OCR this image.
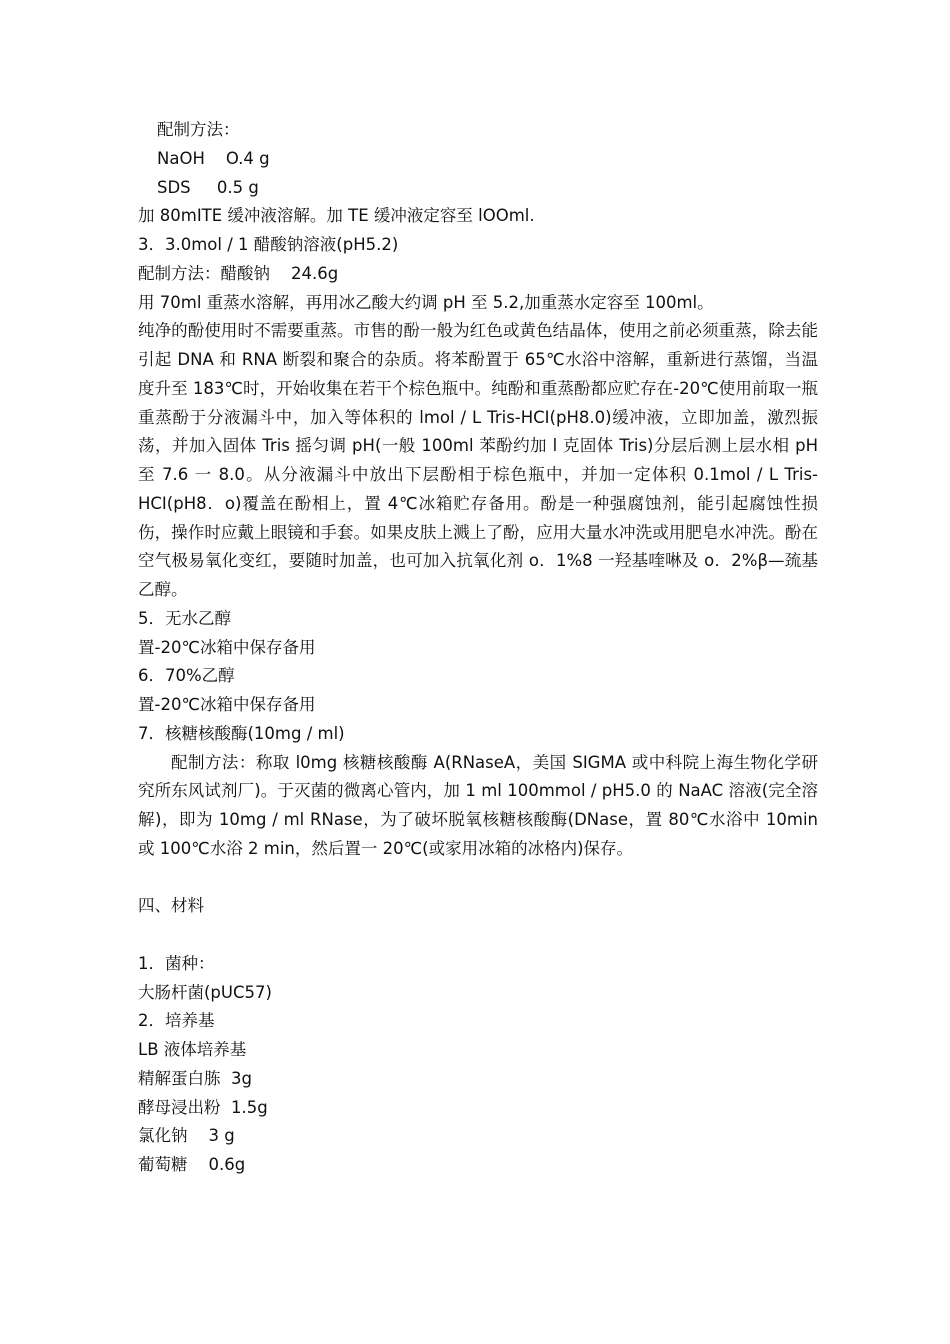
配制方法：

NaOH    O.4 g

SDS     0.5 g

加 80mITE 缓冲液溶解。加 TE 缓冲液定容至 lOOml.

3．3.0mol / 1 醋酸钠溶液(pH5.2)

配制方法：醋酸钠    24.6g

用 70ml 重蒸水溶解，再用冰乙酸大约调 pH 至 5.2,加重蒸水定容至 100ml。

纯净的酚使用时不需要重蒸。市售的酚一般为红色或黄色结晶体，使用之前必须重蒸，除去能引起 DNA 和 RNA 断裂和聚合的杂质。将苯酚置于 65℃水浴中溶解，重新进行蒸馏，当温度升至 183℃时，开始收集在若干个棕色瓶中。纯酚和重蒸酚都应贮存在-20℃使用前取一瓶重蒸酚于分液漏斗中，加入等体积的 lmol / L Tris-HCI(pH8.0)缓冲液，立即加盖，激烈振荡，并加入固体 Tris 摇匀调 pH(一般 100ml 苯酚约加 l 克固体 Tris)分层后测上层水相 pH 至 7.6 一 8.0。从分液漏斗中放出下层酚相于棕色瓶中，并加一定体积 0.1mol / L Tris-HCI(pH8．o)覆盖在酚相上，置 4℃冰箱贮存备用。酚是一种强腐蚀剂，能引起腐蚀性损伤，操作时应戴上眼镜和手套。如果皮肤上溅上了酚，应用大量水冲洗或用肥皂水冲洗。酚在空气极易氧化变红，要随时加盖，也可加入抗氧化剂 o．1%8 一羟基喹啉及 o．2%β—巯基乙醇。

5．无水乙醇

置-20℃冰箱中保存备用

6．70%乙醇

置-20℃冰箱中保存备用

7．核糖核酸酶(10mg / ml)

配制方法：称取 l0mg 核糖核酸酶 A(RNaseA，美国 SIGMA 或中科院上海生物化学研究所东风试剂厂)。于灭菌的微离心管内，加 1 ml 100mmol / pH5.0 的 NaAC 溶液(完全溶解)，即为 10mg / ml RNase，为了破坏脱氧核糖核酸酶(DNase，置 80℃水浴中 10min 或 100℃水浴 2 min，然后置一 20℃(或家用冰箱的冰格内)保存。

四、材料

1．菌种：

大肠杆菌(pUC57)

2．培养基

LB 液体培养基

精解蛋白胨  3g

酵母浸出粉  1.5g

氯化钠    3 g

葡萄糖    0.6g
